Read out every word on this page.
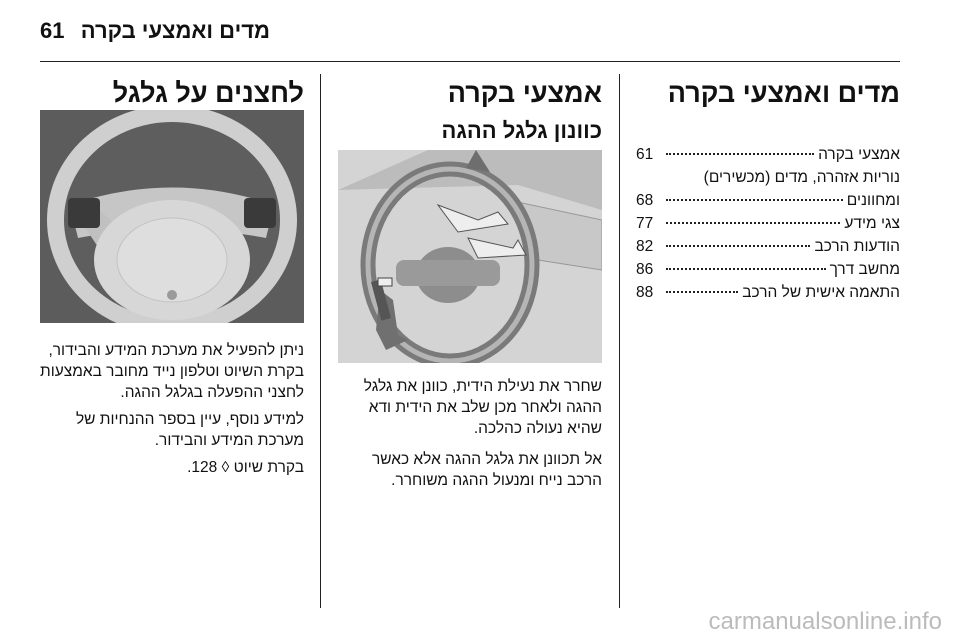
מדים ואמצעי בקרה
61
מדים ואמצעי בקרה
אמצעי בקרה
61
נוריות אזהרה, מדים (מכשירים)
ומחוונים
68
צגי מידע
77
הודעות הרכב
82
מחשב דרך
86
התאמה אישית של הרכב
88
אמצעי בקרה
כוונון גלגל ההגה

שחרר את נעילת הידית, כוונן את גלגל ההגה ולאחר מכן שלב את הידית ודא שהיא נעולה כהלכה.

אל תכוונן את גלגל ההגה אלא כאשר הרכב נייח ומנעול ההגה משוחרר.

לחצנים על גלגל

ניתן להפעיל את מערכת המידע והבידור, בקרת השיוט וטלפון נייד מחובר באמצעות לחצני ההפעלה בגלגל ההגה.

למידע נוסף, עיין בספר ההנחיות של מערכת המידע והבידור.

בקרת שיוט ◊ 128.

carmanualsonline.info
